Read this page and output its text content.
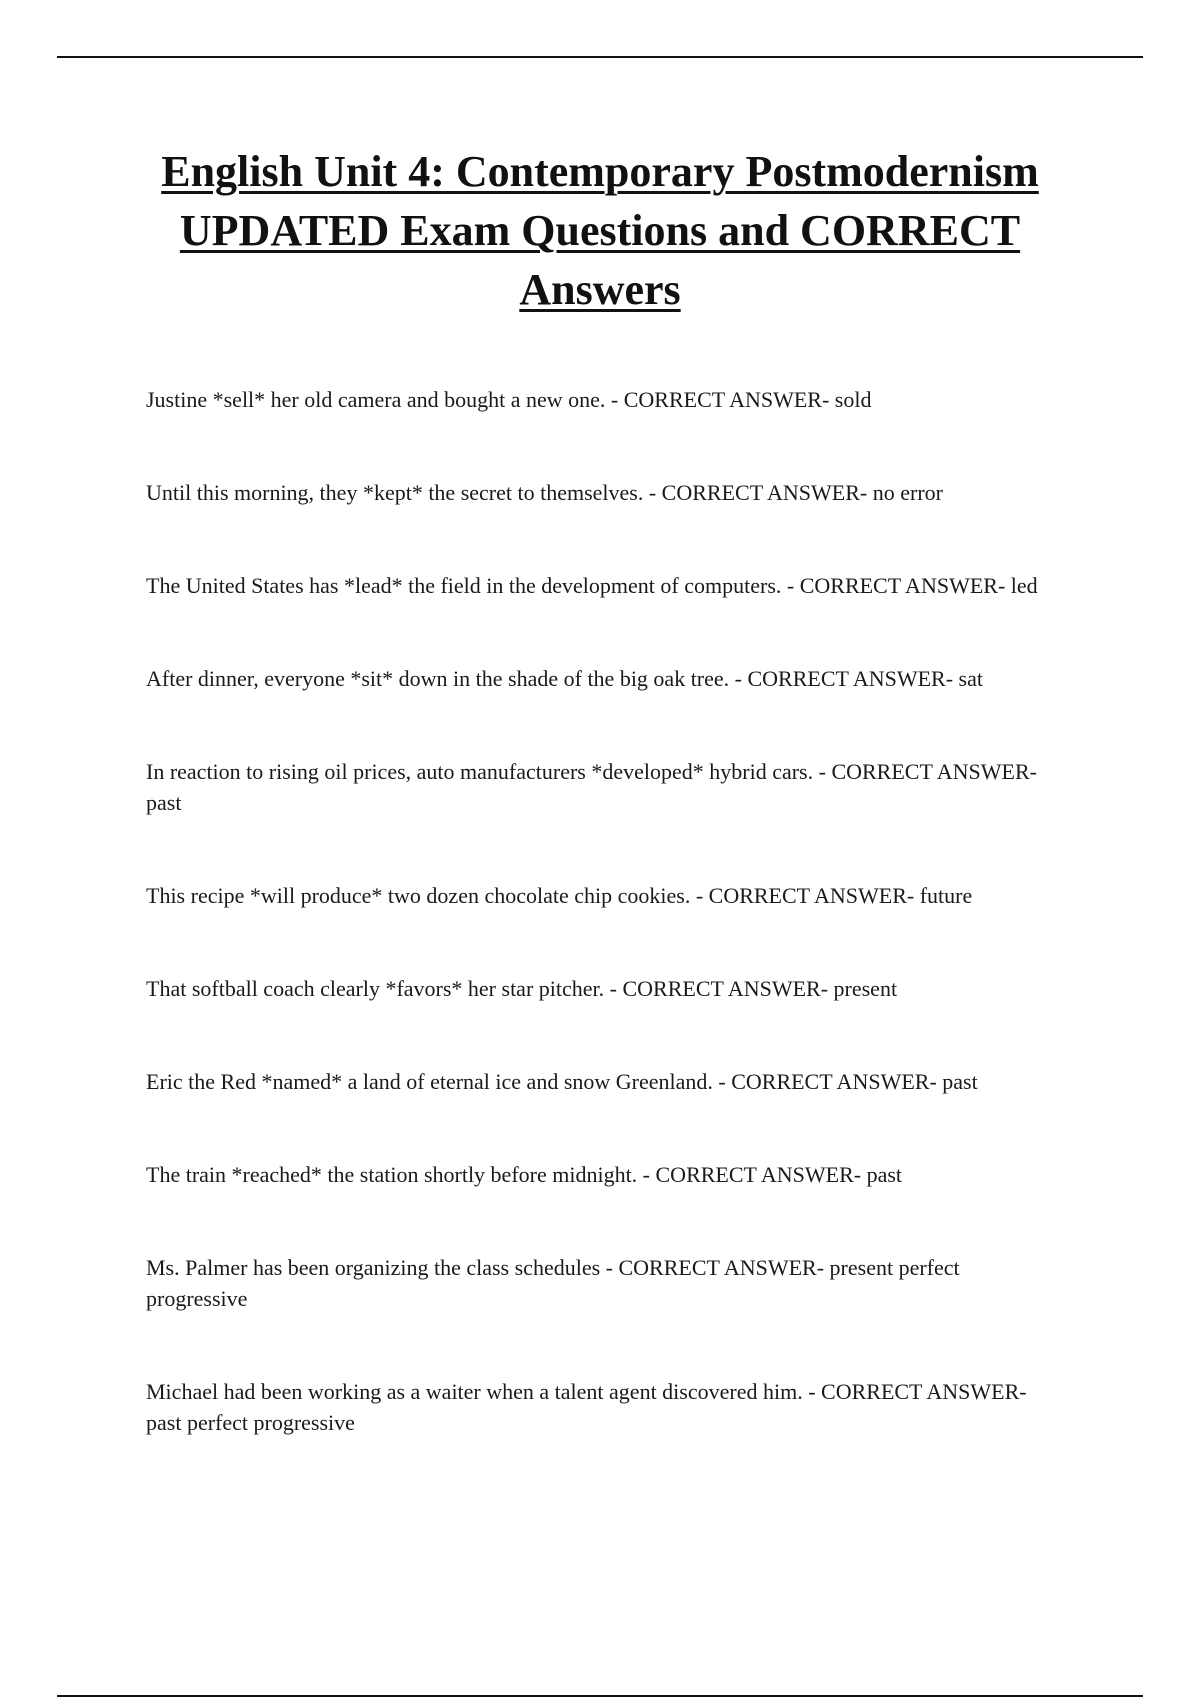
English Unit 4: Contemporary Postmodernism UPDATED Exam Questions and CORRECT Answers

Justine *sell* her old camera and bought a new one. - CORRECT ANSWER- sold

Until this morning, they *kept* the secret to themselves. - CORRECT ANSWER- no error

The United States has *lead* the field in the development of computers. - CORRECT ANSWER- led

After dinner, everyone *sit* down in the shade of the big oak tree. - CORRECT ANSWER- sat

In reaction to rising oil prices, auto manufacturers *developed* hybrid cars. - CORRECT ANSWER- past

This recipe *will produce* two dozen chocolate chip cookies. - CORRECT ANSWER- future

That softball coach clearly *favors* her star pitcher. - CORRECT ANSWER- present

Eric the Red *named* a land of eternal ice and snow Greenland. - CORRECT ANSWER- past

The train *reached* the station shortly before midnight. - CORRECT ANSWER- past

Ms. Palmer has been organizing the class schedules - CORRECT ANSWER- present perfect progressive

Michael had been working as a waiter when a talent agent discovered him. - CORRECT ANSWER- past perfect progressive
